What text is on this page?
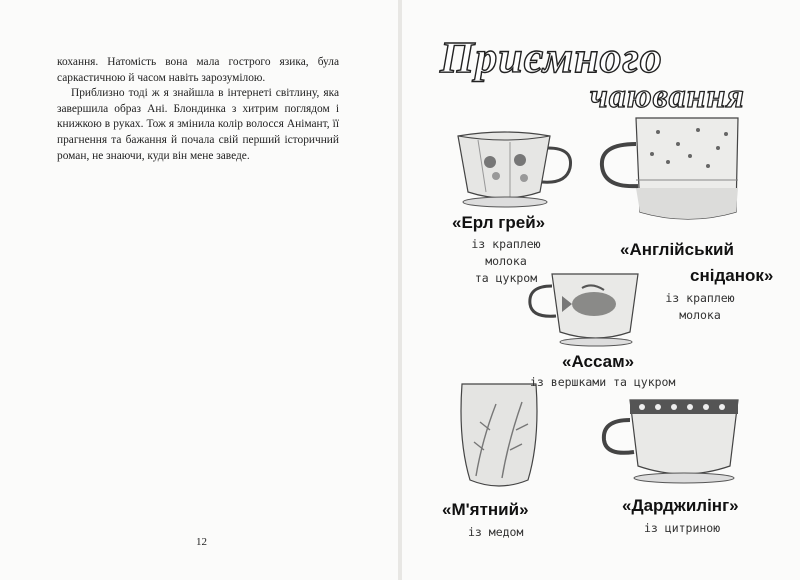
кохання. Натомість вона мала гострого язика, була саркастичною й часом навіть зарозумілою.

Приблизно тоді ж я знайшла в інтернеті світлину, яка завершила образ Ані. Блондинка з хитрим поглядом і книжкою в руках. Тож я змінила колір волосся Анімант, її прагнення та бажання й почала свій перший історичний роман, не знаючи, куди він мене заведе.

12
Приємного
чаювання
«Ерл грей»
із краплею
молока
та цукром
«Англійський
сніданок»
із краплею
молока
«Ассам»
із вершками та цукром
«М'ятний»
із медом
«Дарджилінг»
із цитриною
